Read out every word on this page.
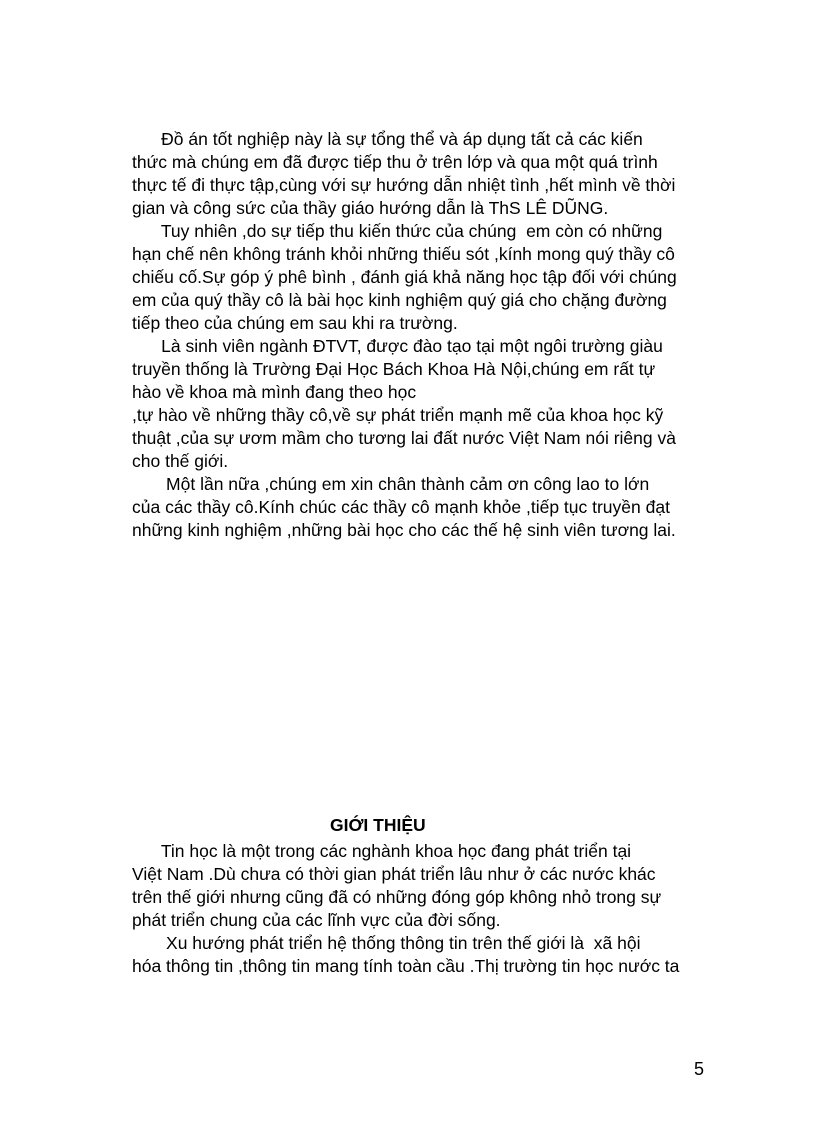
Đồ án tốt nghiệp này là sự tổng thể và áp dụng tất cả các kiến
thức mà chúng em đã được tiếp thu ở trên lớp và qua một quá trình
thực tế đi thực tập,cùng với sự hướng dẫn nhiệt tình ,hết mình về thời
gian và công sức của thầy giáo hướng dẫn là ThS LÊ DŨNG.
Tuy nhiên ,do sự tiếp thu kiến thức của chúng  em còn có những
hạn chế nên không tránh khỏi những thiếu sót ,kính mong quý thầy cô
chiếu cố.Sự góp ý phê bình , đánh giá khả năng học tập đối với chúng
em của quý thầy cô là bài học kinh nghiệm quý giá cho chặng đường
tiếp theo của chúng em sau khi ra trường.
Là sinh viên ngành ĐTVT, được đào tạo tại một ngôi trường giàu
truyền thống là Trường Đại Học Bách Khoa Hà Nội,chúng em rất tự
hào về khoa mà mình đang theo học
,tự hào về những thầy cô,về sự phát triển mạnh mẽ của khoa học kỹ
thuật ,của sự ươm mầm cho tương lai đất nước Việt Nam nói riêng và
cho thế giới.
Một lần nữa ,chúng em xin chân thành cảm ơn công lao to lớn
của các thầy cô.Kính chúc các thầy cô mạnh khỏe ,tiếp tục truyền đạt
những kinh nghiệm ,những bài học cho các thế hệ sinh viên tương lai.
GIỚI THIỆU
Tin học là một trong các nghành khoa học đang phát triển tại
Việt Nam .Dù chưa có thời gian phát triển lâu như ở các nước khác
trên thế giới nhưng cũng đã có những đóng góp không nhỏ trong sự
phát triển chung của các lĩnh vực của đời sống.
Xu hướng phát triển hệ thống thông tin trên thế giới là  xã hội
hóa thông tin ,thông tin mang tính toàn cầu .Thị trường tin học nước ta
5
